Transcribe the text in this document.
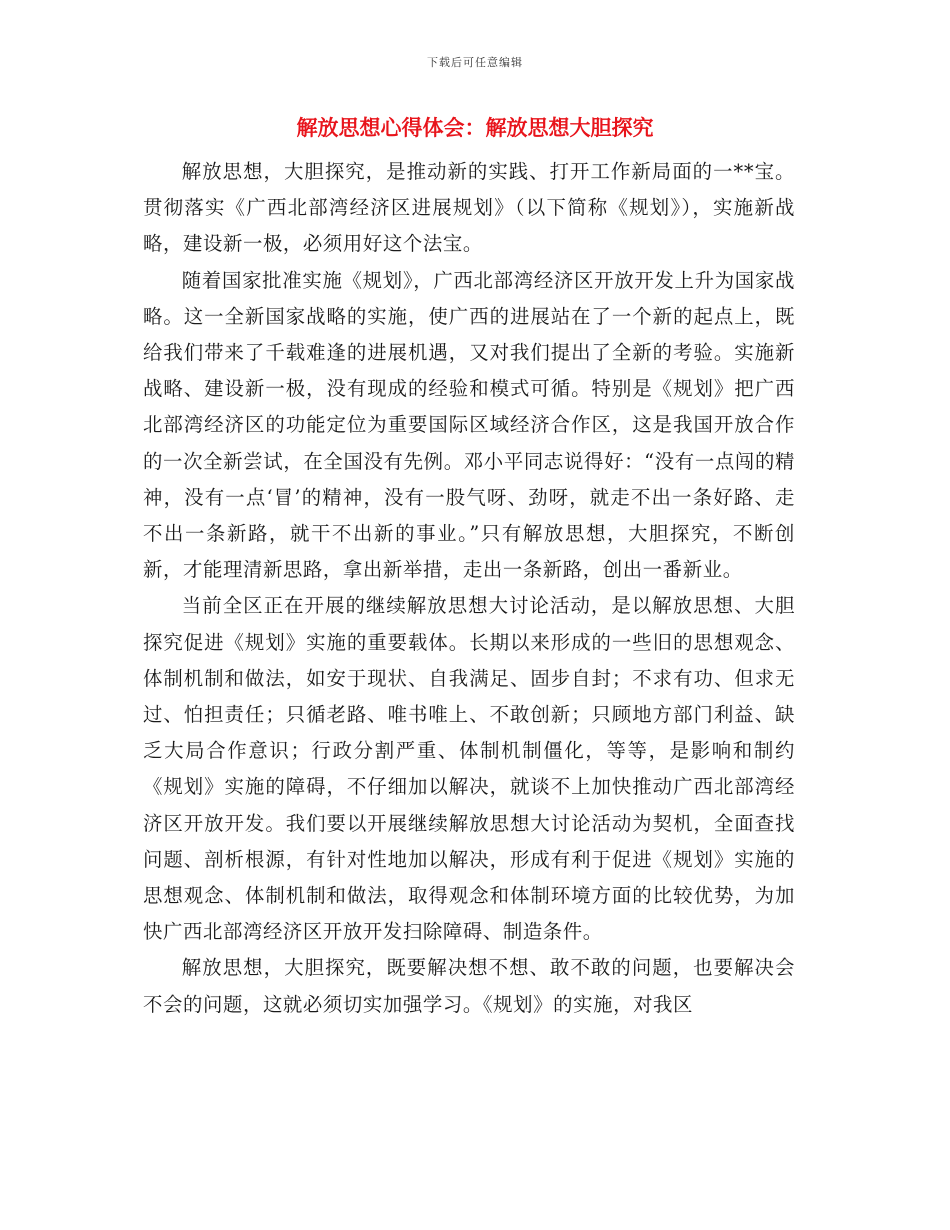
下载后可任意编辑
解放思想心得体会：解放思想大胆探究

解放思想，大胆探究，是推动新的实践、打开工作新局面的一**宝。贯彻落实《广西北部湾经济区进展规划》（以下简称《规划》），实施新战略，建设新一极，必须用好这个法宝。

随着国家批准实施《规划》，广西北部湾经济区开放开发上升为国家战略。这一全新国家战略的实施，使广西的进展站在了一个新的起点上，既给我们带来了千载难逢的进展机遇，又对我们提出了全新的考验。实施新战略、建设新一极，没有现成的经验和模式可循。特别是《规划》把广西北部湾经济区的功能定位为重要国际区域经济合作区，这是我国开放合作的一次全新尝试，在全国没有先例。邓小平同志说得好：“没有一点闯的精神，没有一点‘冒’的精神，没有一股气呀、劲呀，就走不出一条好路、走不出一条新路，就干不出新的事业。”只有解放思想，大胆探究，不断创新，才能理清新思路，拿出新举措，走出一条新路，创出一番新业。

当前全区正在开展的继续解放思想大讨论活动，是以解放思想、大胆探究促进《规划》实施的重要载体。长期以来形成的一些旧的思想观念、体制机制和做法，如安于现状、自我满足、固步自封；不求有功、但求无过、怕担责任；只循老路、唯书唯上、不敢创新；只顾地方部门利益、缺乏大局合作意识；行政分割严重、体制机制僵化，等等，是影响和制约《规划》实施的障碍，不仔细加以解决，就谈不上加快推动广西北部湾经济区开放开发。我们要以开展继续解放思想大讨论活动为契机，全面查找问题、剖析根源，有针对性地加以解决，形成有利于促进《规划》实施的思想观念、体制机制和做法，取得观念和体制环境方面的比较优势，为加快广西北部湾经济区开放开发扫除障碍、制造条件。

解放思想，大胆探究，既要解决想不想、敢不敢的问题，也要解决会不会的问题，这就必须切实加强学习。《规划》的实施，对我区
